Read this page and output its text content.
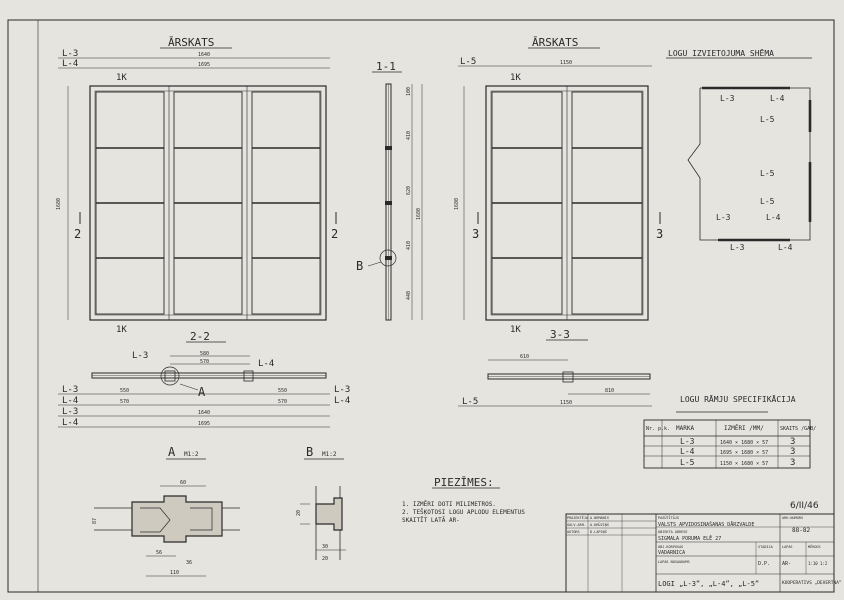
ĀRSKATS
L-3
L-4
1640
1695
1K
1K
1680
2	2
1-1
100
410
620
410
440
1680
B
ĀRSKATS
L-5	1150
1K
1K
1680
3	3
LOGU IZVIETOJUMA SHĒMA
L-3	L-4
L-5
L-5
L-5
L-4
L-3
L-3	L-4
2-2
L-3
L-4
580
570
A
L-3
L-4
L-3
L-4
L-3
L-4
550
570
550
570
1640
1695
3-3
610
810
L-5	1150
A M1:2
60
87
56
36
110
B M1:2
20
30
20
PIEZĪMES:
1. IZMĒRI DOTI MILIMETROS.
2. TEŠĶOTOSI LOGU APLODU ELEMENTUS
SKAITĪT LATĀ AR-
LOGU RĀMJU SPECIFIKĀCIJA
Nr. p.k. MARKA	IZMĒRI /MM/	SKAITS /GAB/
L-3	1640 × 1680 × 57 3
L-4	1695 × 1680 × 57 3
L-5	1150 × 1680 × 57 3
6/II/46
PROJEKTĒJA A.NEMANIS
GALV.ARH. A.KRŪZIŅŠ
AUTORS	D.LAPIŅŠ
PASŪTĪTĀJS
VALSTS APVIDOSINAŠANAS DĀRZVALDE
OBJEKTA ADRESE
SIGMALA PORUMA ELĒ 27
OBJ.KORPUSAS
VADARNICA
STADIJA
D.P.
LAPAS
AR-
MĒROGS
1:10 1:2
LAPAS NOSAUKUMS
LOGI „L-3”, „L-4”, „L-5”
ARH.NUMURS
88-82
KOOPERATIVS „DEVERTNA”
